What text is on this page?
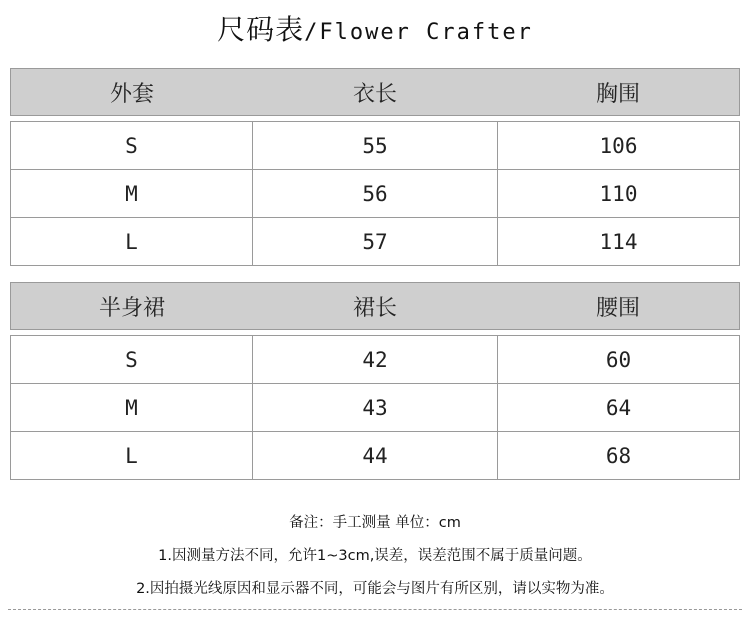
尺码表/Flower Crafter
外套	衣长	胸围
S	55	106
M	56	110
L	57	114
半身裙	裙长	腰围
S	42	60
M	43	64
L	44	68
备注：手工测量 单位：cm
1.因测量方法不同，允许1~3cm,误差，误差范围不属于质量问题。
2.因拍摄光线原因和显示器不同，可能会与图片有所区别，请以实物为准。
